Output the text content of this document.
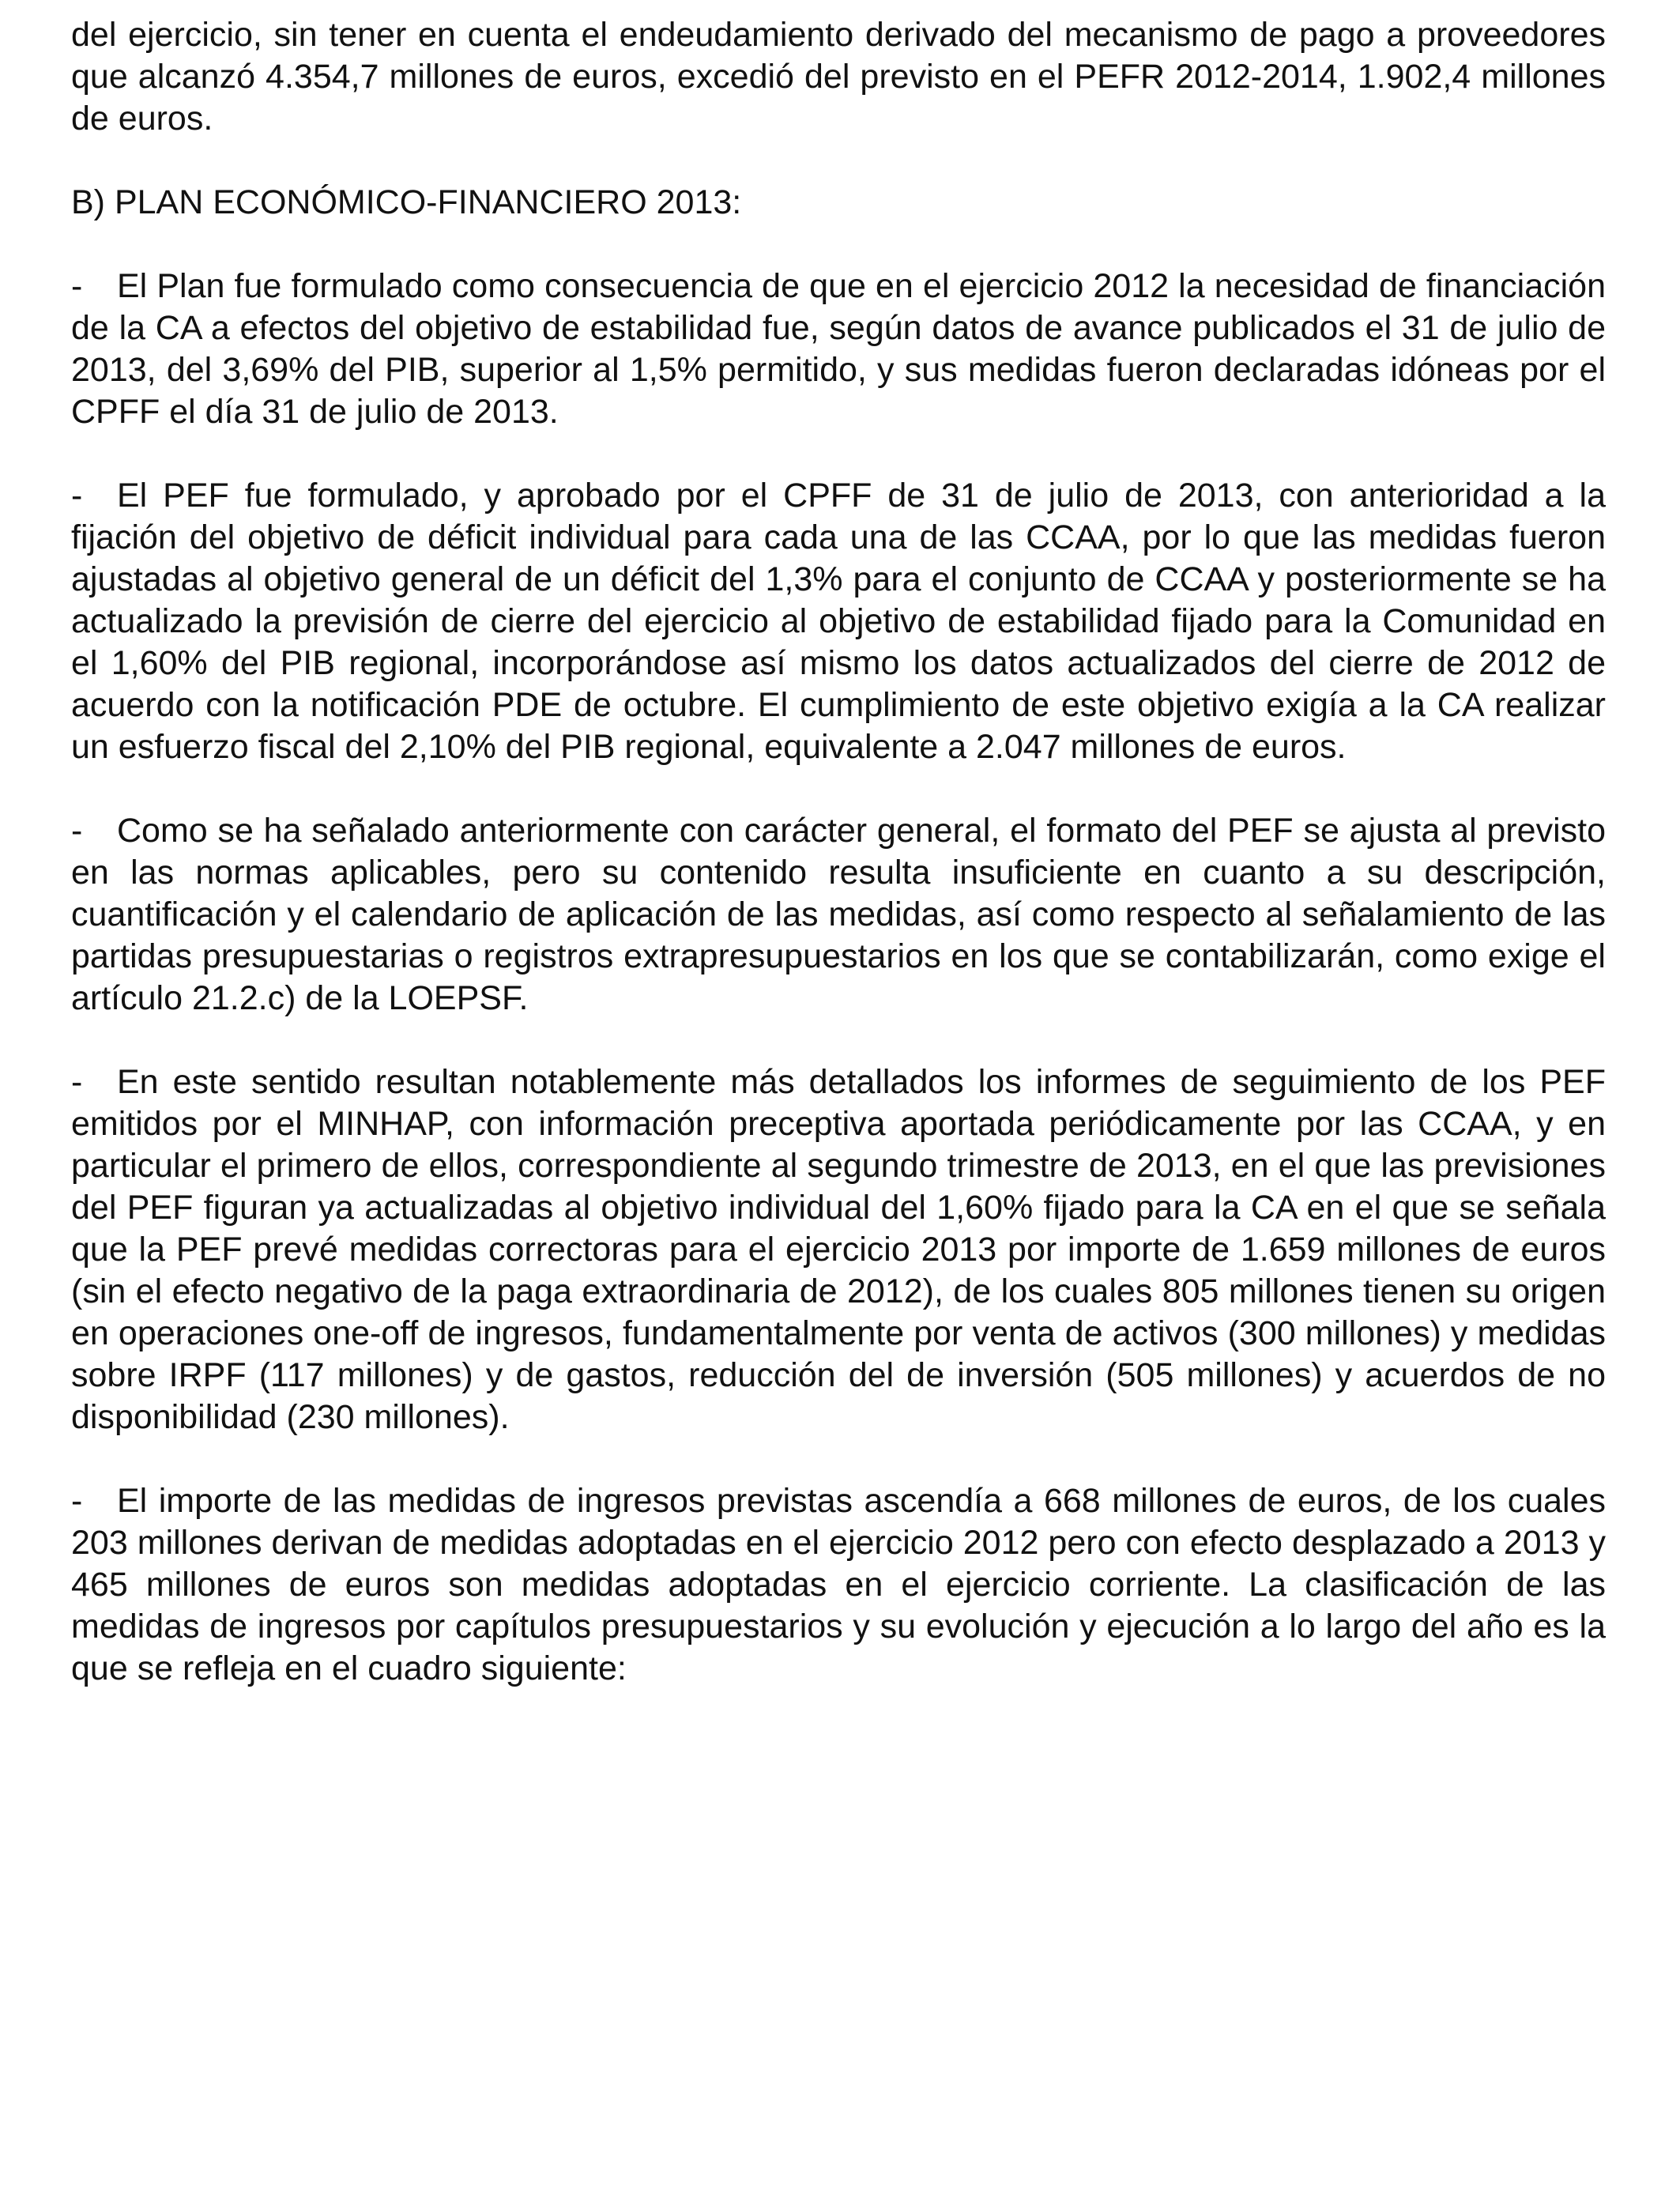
del ejercicio, sin tener en cuenta el endeudamiento derivado del mecanismo de pago a proveedores que alcanzó 4.354,7 millones de euros, excedió del previsto en el PEFR 2012-2014, 1.902,4 millones de euros.

B) PLAN ECONÓMICO-FINANCIERO 2013:

- El Plan fue formulado como consecuencia de que en el ejercicio 2012 la necesidad de financiación de la CA a efectos del objetivo de estabilidad fue, según datos de avance publicados el 31 de julio de 2013, del 3,69% del PIB, superior al 1,5% permitido, y sus medidas fueron declaradas idóneas por el CPFF el día 31 de julio de 2013.

- El PEF fue formulado, y aprobado por el CPFF de 31 de julio de 2013, con anterioridad a la fijación del objetivo de déficit individual para cada una de las CCAA, por lo que las medidas fueron ajustadas al objetivo general de un déficit del 1,3% para el conjunto de CCAA y posteriormente se ha actualizado la previsión de cierre del ejercicio al objetivo de estabilidad fijado para la Comunidad en el 1,60% del PIB regional, incorporándose así mismo los datos actualizados del cierre de 2012 de acuerdo con la notificación PDE de octubre. El cumplimiento de este objetivo exigía a la CA realizar un esfuerzo fiscal del 2,10% del PIB regional, equivalente a 2.047 millones de euros.

- Como se ha señalado anteriormente con carácter general, el formato del PEF se ajusta al previsto en las normas aplicables, pero su contenido resulta insuficiente en cuanto a su descripción, cuantificación y el calendario de aplicación de las medidas, así como respecto al señalamiento de las partidas presupuestarias o registros extrapresupuestarios en los que se contabilizarán, como exige el artículo 21.2.c) de la LOEPSF.

- En este sentido resultan notablemente más detallados los informes de seguimiento de los PEF emitidos por el MINHAP, con información preceptiva aportada periódicamente por las CCAA, y en particular el primero de ellos, correspondiente al segundo trimestre de 2013, en el que las previsiones del PEF figuran ya actualizadas al objetivo individual del 1,60% fijado para la CA en el que se señala que la PEF prevé medidas correctoras para el ejercicio 2013 por importe de 1.659 millones de euros (sin el efecto negativo de la paga extraordinaria de 2012), de los cuales 805 millones tienen su origen en operaciones one-off de ingresos, fundamentalmente por venta de activos (300 millones) y medidas sobre IRPF (117 millones) y de gastos, reducción del de inversión (505 millones) y acuerdos de no disponibilidad (230 millones).

- El importe de las medidas de ingresos previstas ascendía a 668 millones de euros, de los cuales 203 millones derivan de medidas adoptadas en el ejercicio 2012 pero con efecto desplazado a 2013 y 465 millones de euros son medidas adoptadas en el ejercicio corriente. La clasificación de las medidas de ingresos por capítulos presupuestarios y su evolución y ejecución a lo largo del año es la que se refleja en el cuadro siguiente:
